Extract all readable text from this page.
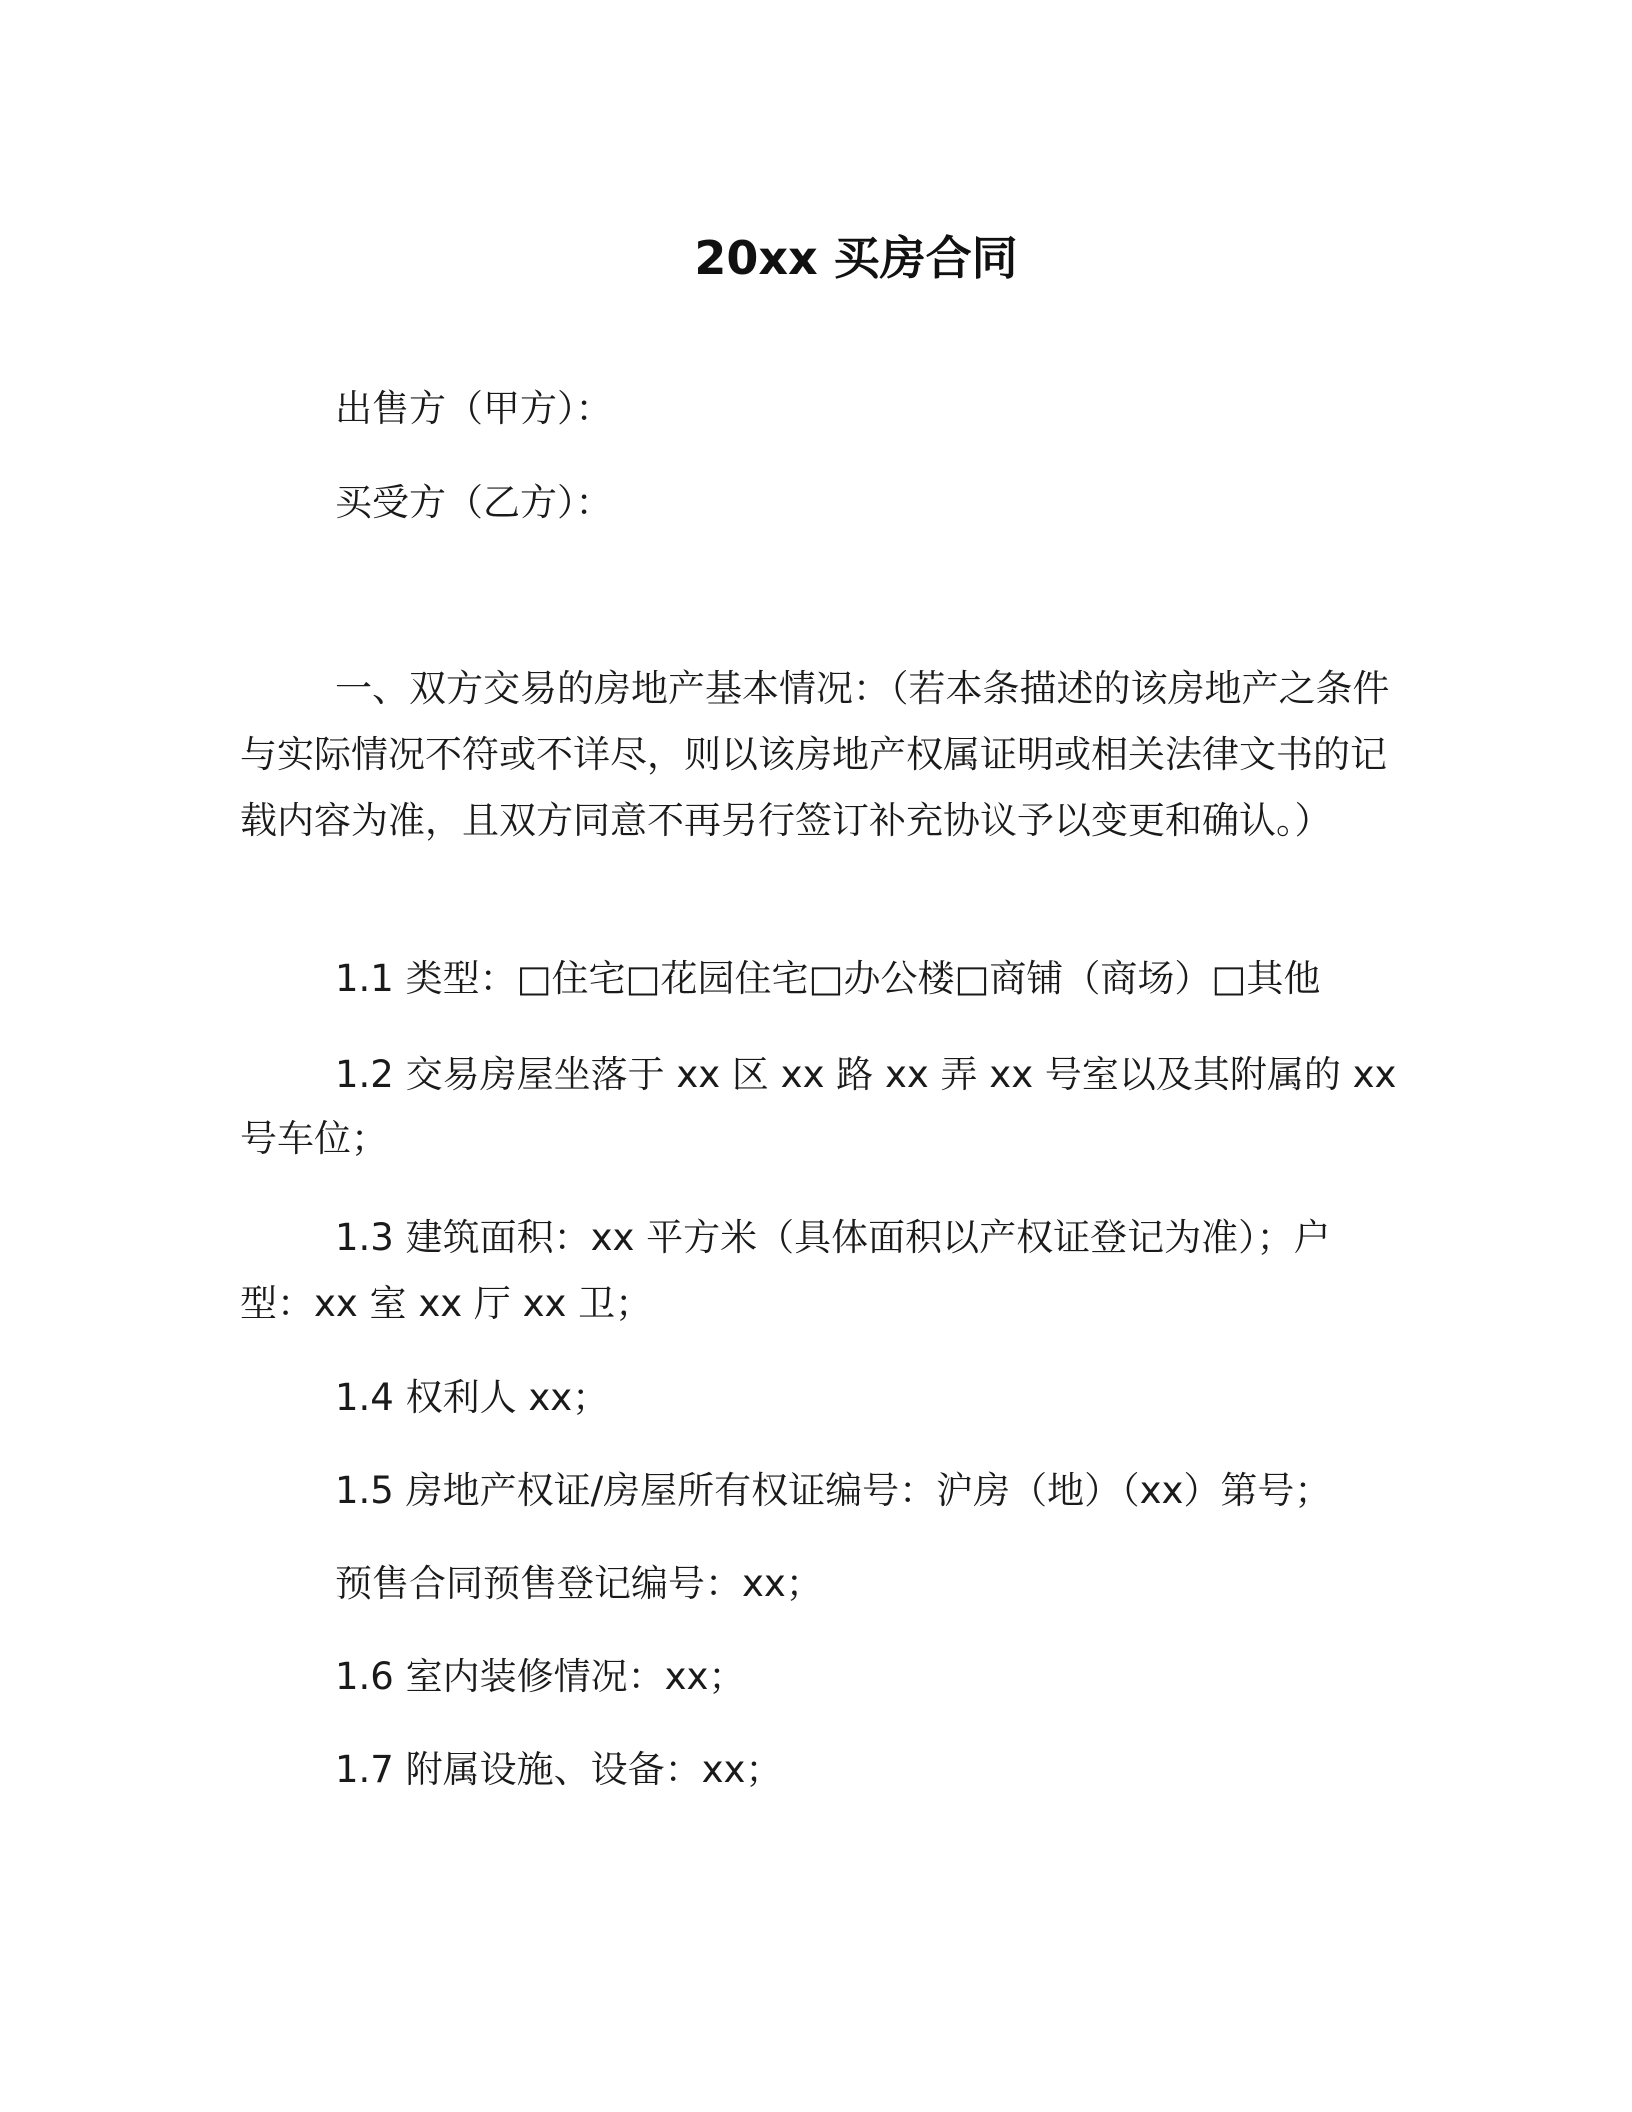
20xx 买房合同
出售方（甲方）：
买受方（乙方）：

一、双方交易的房地产基本情况：（若本条描述的该房地产之条件与实际情况不符或不详尽，则以该房地产权属证明或相关法律文书的记载内容为准，且双方同意不再另行签订补充协议予以变更和确认。）

1.1 类型：□住宅□花园住宅□办公楼□商铺（商场）□其他

1.2 交易房屋坐落于 xx 区 xx 路 xx 弄 xx 号室以及其附属的 xx 号车位；

1.3 建筑面积：xx 平方米（具体面积以产权证登记为准）；户型：xx 室 xx 厅 xx 卫；

1.4 权利人 xx；

1.5 房地产权证/房屋所有权证编号：沪房（地）（xx）第号；

预售合同预售登记编号：xx；

1.6 室内装修情况：xx；

1.7 附属设施、设备：xx；
